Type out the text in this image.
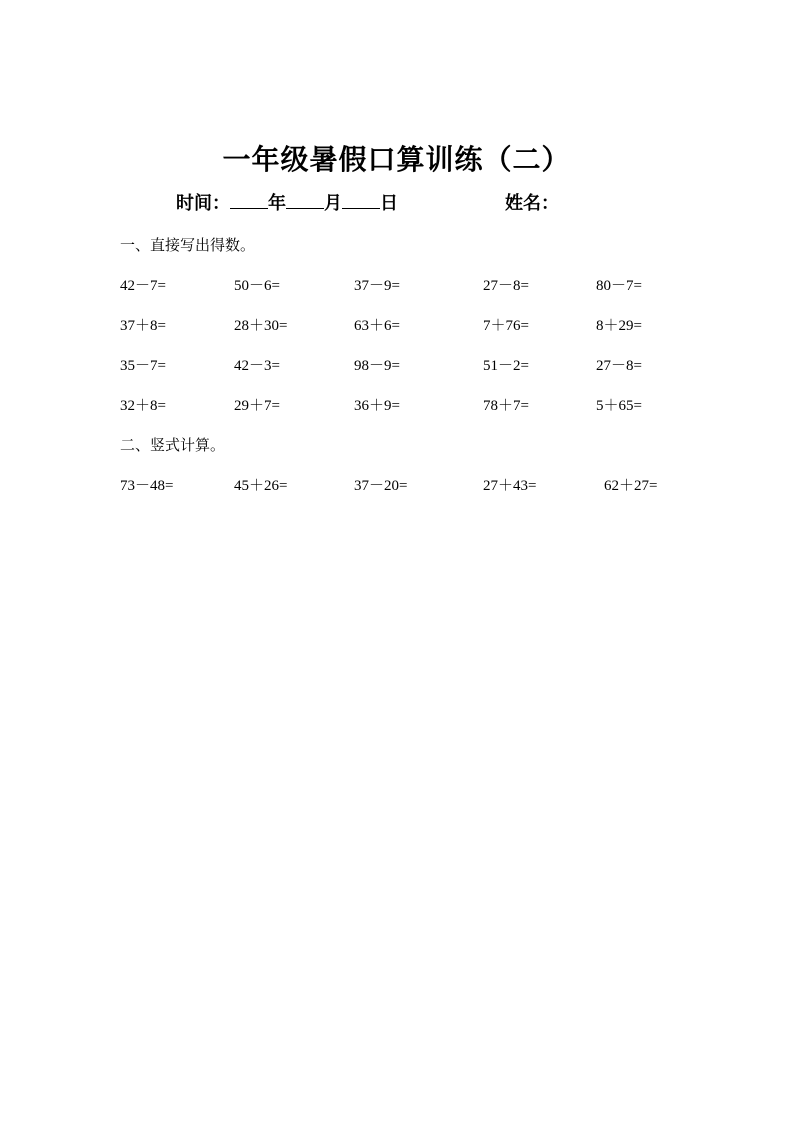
一年级暑假口算训练（二）
时间： 年 月 日	姓名：
一、直接写出得数。
42－7=	50－6=	37－9=	27－8=	80－7=
37＋8=	28＋30=	63＋6=	7＋76=	8＋29=
35－7=	42－3=	98－9=	51－2=	27－8=
32＋8=	29＋7=	36＋9=	78＋7=	5＋65=
二、竖式计算。
73－48=	45＋26=	37－20=	27＋43=	62＋27=
